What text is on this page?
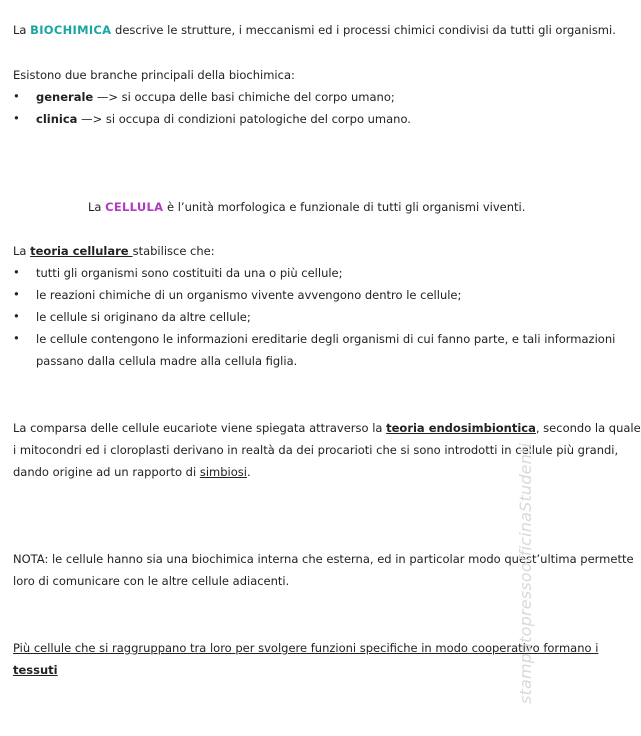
La BIOCHIMICA descrive le strutture, i meccanismi ed i processi chimici condivisi da tutti gli organismi.
Esistono due branche principali della biochimica:
• generale —> si occupa delle basi chimiche del corpo umano;
• clinica —> si occupa di condizioni patologiche del corpo umano.
La CELLULA è l’unità morfologica e funzionale di tutti gli organismi viventi.
La teoria cellulare stabilisce che:
• tutti gli organismi sono costituiti da una o più cellule;
• le reazioni chimiche di un organismo vivente avvengono dentro le cellule;
• le cellule si originano da altre cellule;
• le cellule contengono le informazioni ereditarie degli organismi di cui fanno parte, e tali informazioni
passano dalla cellula madre alla cellula figlia.
La comparsa delle cellule eucariote viene spiegata attraverso la teoria endosimbiontica, secondo la quale
i mitocondri ed i cloroplasti derivano in realtà da dei procarioti che si sono introdotti in cellule più grandi,
dando origine ad un rapporto di simbiosi.
NOTA: le cellule hanno sia una biochimica interna che esterna, ed in particolar modo quest’ultima permette
loro di comunicare con le altre cellule adiacenti.
Più cellule che si raggruppano tra loro per svolgere funzioni specifiche in modo cooperativo formano i
tessuti	stampatopressoofficinaStudenti
